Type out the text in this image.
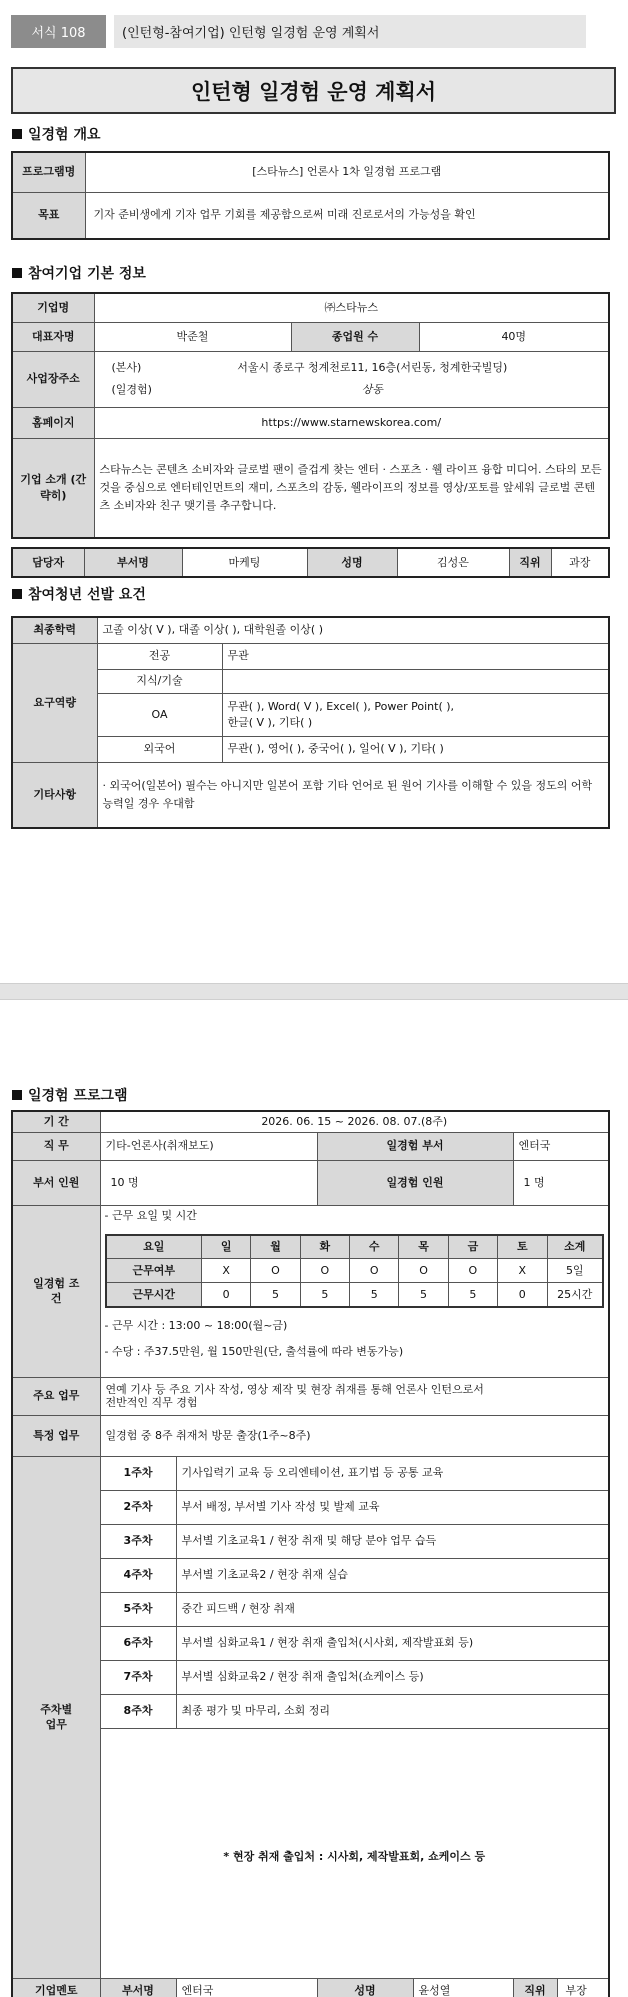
서식 108	(인턴형-참여기업) 인턴형 일경험 운영 계획서
인턴형 일경험 운영 계획서
일경험 개요
프로그램명	[스타뉴스] 언론사 1차 일경험 프로그램
목표	기자 준비생에게 기자 업무 기회를 제공함으로써 미래 진로로서의 가능성을 확인
참여기업 기본 정보
기업명	㈜스타뉴스		
대표자명	박준철	종업원 수	40명
사업장주소	(본사) 서울시 종로구 청계천로11, 16층(서린동, 청계한국빌딩)
(일경험) 상동		

홈페이지	https://www.starnewskorea.com/		
기업 소개 (간략히)	스타뉴스는 콘텐츠 소비자와 글로벌 팬이 즐겁게 찾는 엔터 · 스포츠 · 웰 라이프 융합 미디어. 스타의 모든 것을 중심으로 엔터테인먼트의 재미, 스포츠의 감동, 웰라이프의 정보를 영상/포토를 앞세워 글로벌 콘텐츠 소비자와 친구 맺기를 추구합니다.		
담당자	부서명	마케팅	성명	김성은	직위	과장
참여청년 선발 요건
최종학력	고졸 이상( V ), 대졸 이상( ), 대학원졸 이상( )	
요구역량	전공	무관
	지식/기술	
	OA	무관( ), Word( V ), Excel( ), Power Point( ),
한글( V ), 기타( )

	외국어	무관( ), 영어( ), 중국어( ), 일어( V ), 기타( )
기타사항	· 외국어(일본어) 필수는 아니지만 일본어 포함 기타 언어로 된 원어 기사를 이해할 수 있을 정도의 어학 능력일 경우 우대함	
일경험 프로그램
기 간	2026. 06. 15 ~ 2026. 08. 07.(8주)
직 무	기타-언론사(취재보도)	일경험 부서	엔터국
부서 인원	10 명	일경험 인원	1 명
일경험 조 건	
- 근무 요일 및 시간
요일	일	월	화	수	목	금	토	소계
근무여부	X	O	O	O	O	O	X	5일
근무시간	0	5	5	5	5	5	0	25시간
- 근무 시간 : 13:00 ~ 18:00(월~금)
- 수당 : 주37.5만원, 월 150만원(단, 출석률에 따라 변동가능)

주요 업무	연예 기사 등 주요 기사 작성, 영상 제작 및 현장 취재를 통해 언론사 인턴으로서
전반적인 직무 경험

특정 업무	일경험 중 8주 취재처 방문 출장(1주~8주)
주차별 업무	1주차	기사입력기 교육 등 오리엔테이션, 표기법 등 공통 교육
2주차	부서 배정, 부서별 기사 작성 및 발제 교육
3주차	부서별 기초교육1 / 현장 취재 및 해당 분야 업무 습득
4주차	부서별 기초교육2 / 현장 취재 실습
5주차	중간 피드백 / 현장 취재
6주차	부서별 심화교육1 / 현장 취재 출입처(시사회, 제작발표회 등)
7주차	부서별 심화교육2 / 현장 취재 출입처(쇼케이스 등)
8주차	최종 평가 및 마무리, 소회 정리
* 현장 취재 출입처 : 시사회, 제작발표회, 쇼케이스 등
기업멘토	부서명	엔터국	성명	윤성열	직위	부장
